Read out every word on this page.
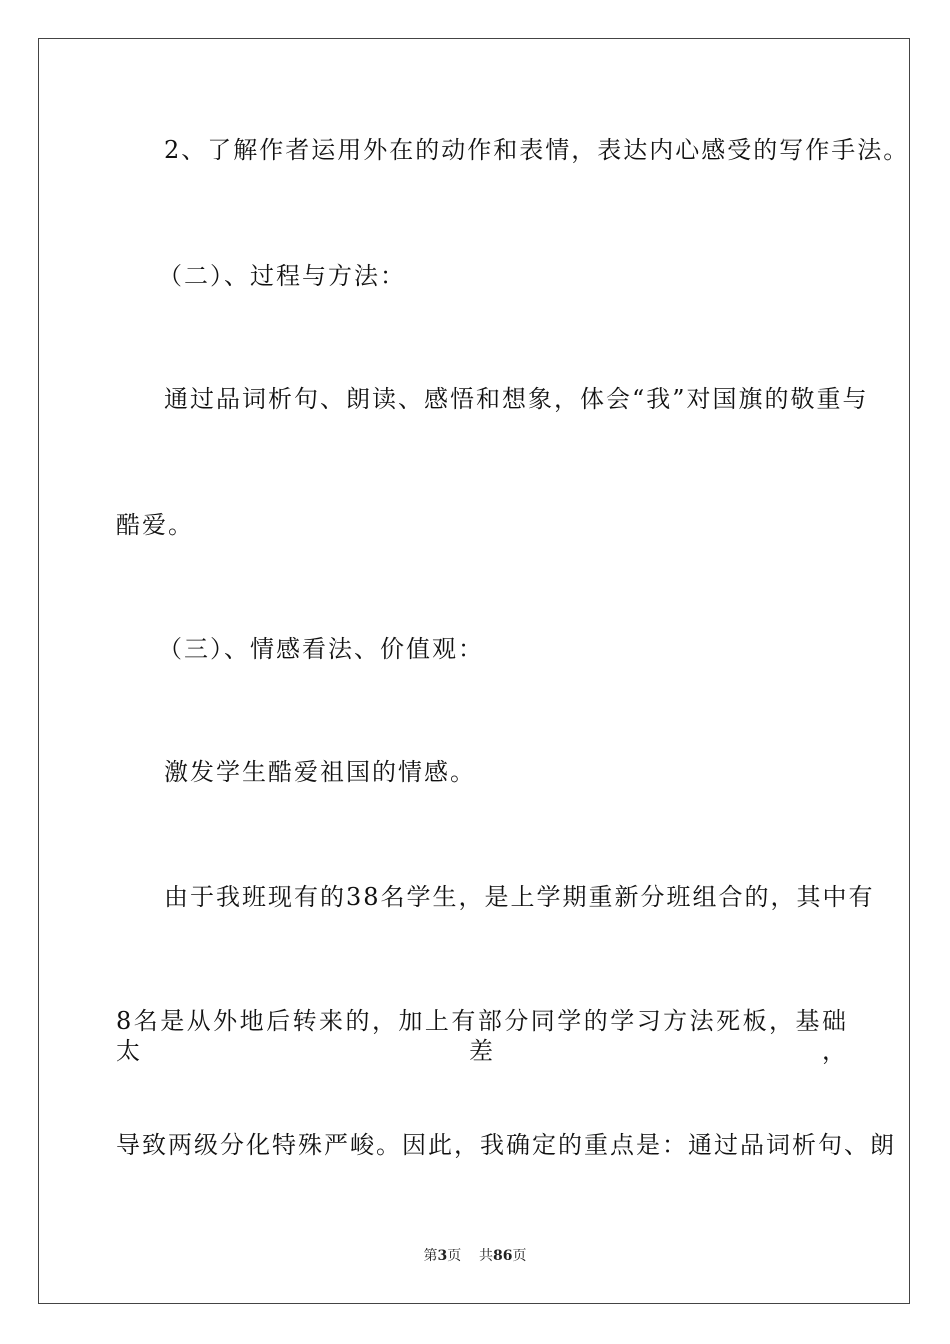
2、了解作者运用外在的动作和表情，表达内心感受的写作手法。
（二）、过程与方法：
通过品词析句、朗读、感悟和想象，体会“我”对国旗的敬重与
酷爱。
（三）、情感看法、价值观：
激发学生酷爱祖国的情感。
由于我班现有的38名学生，是上学期重新分班组合的，其中有
8名是从外地后转来的，加上有部分同学的学习方法死板，基础太差，
导致两级分化特殊严峻。因此，我确定的重点是：通过品词析句、朗
第3页 共86页
